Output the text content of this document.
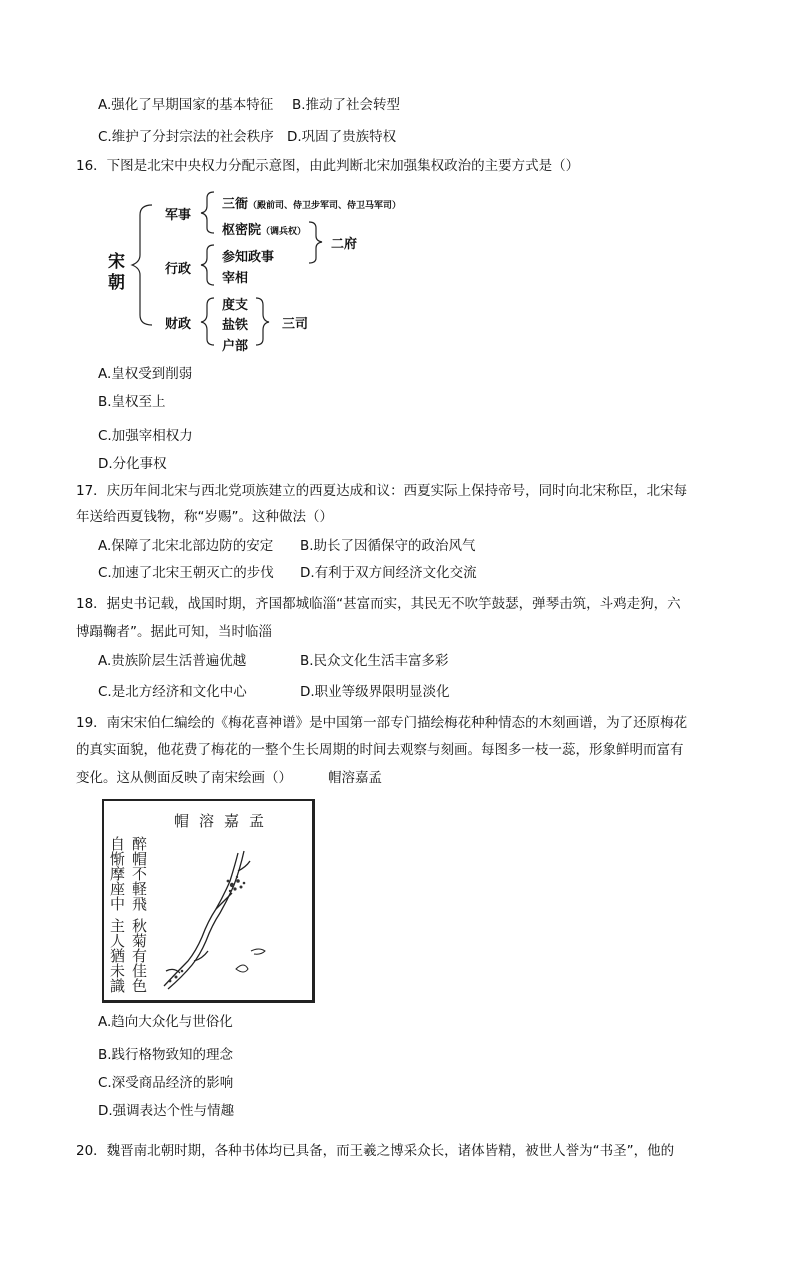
A.强化了早期国家的基本特征 B.推动了社会转型
C.维护了分封宗法的社会秩序 D.巩固了贵族特权
16．下图是北宋中央权力分配示意图，由此判断北宋加强集权政治的主要方式是（）
宋
朝
军事
行政
财政
三衙（殿前司、侍卫步军司、侍卫马军司）
枢密院（调兵权）
参知政事
宰相
度支
盐铁
户部
二府
三司
A.皇权受到削弱
B.皇权至上
C.加强宰相权力
D.分化事权
17．庆历年间北宋与西北党项族建立的西夏达成和议：西夏实际上保持帝号，同时向北宋称臣，北宋每
年送给西夏钱物，称“岁赐”。这种做法（）
A.保障了北宋北部边防的安定 B.助长了因循保守的政治风气
C.加速了北宋王朝灭亡的步伐 D.有利于双方间经济文化交流
18．据史书记载，战国时期，齐国都城临淄“甚富而实，其民无不吹竽鼓瑟，弹琴击筑，斗鸡走狗，六
博蹋鞠者”。据此可知，当时临淄
A.贵族阶层生活普遍优越	B.民众文化生活丰富多彩
C.是北方经济和文化中心	D.职业等级界限明显淡化
19．南宋宋伯仁编绘的《梅花喜神谱》是中国第一部专门描绘梅花种种情态的木刻画谱，为了还原梅花
的真实面貌，他花费了梅花的一整个生长周期的时间去观察与刻画。每图多一枝一蕊，形象鲜明而富有
变化。这从侧面反映了南宋绘画（）	帽溶嘉孟
帽溶嘉孟
醉帽不軽飛
秋菊有佳色
自惭摩座中
主人猶未識
A.趋向大众化与世俗化
B.践行格物致知的理念
C.深受商品经济的影响
D.强调表达个性与情趣
20．魏晋南北朝时期，各种书体均已具备，而王羲之博采众长，诸体皆精，被世人誉为“书圣”，他的
